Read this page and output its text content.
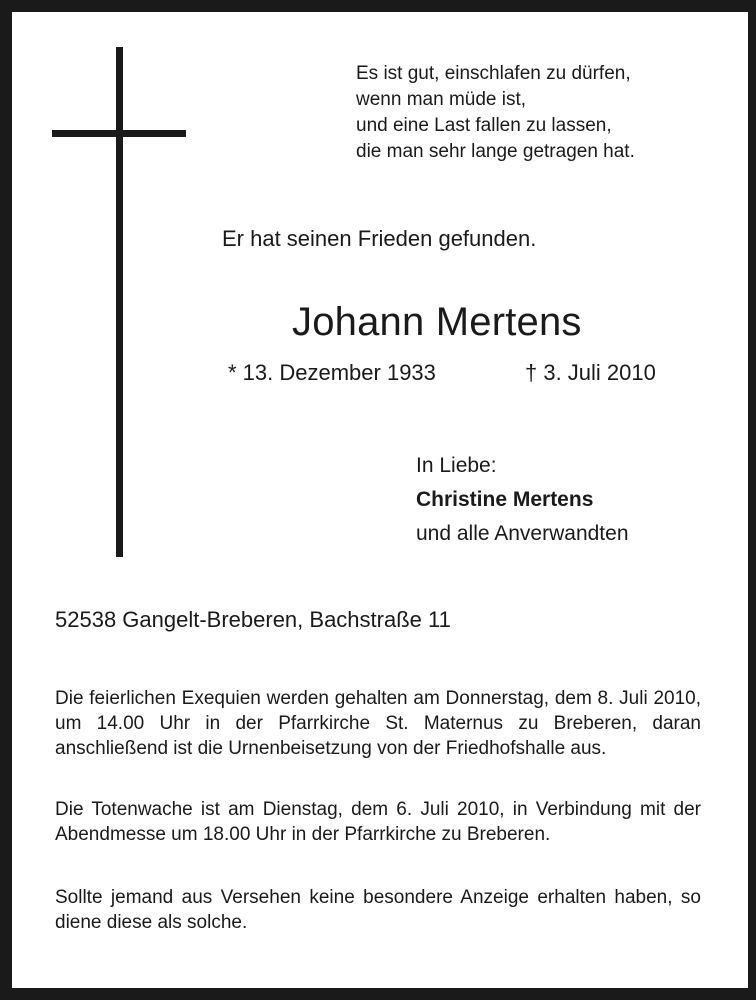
Es ist gut, einschlafen zu dürfen,
wenn man müde ist,
und eine Last fallen zu lassen,
die man sehr lange getragen hat.
Er hat seinen Frieden gefunden.
Johann Mertens
* 13. Dezember 1933	† 3. Juli 2010
In Liebe:
Christine Mertens
und alle Anverwandten
52538 Gangelt-Breberen, Bachstraße 11

Die feierlichen Exequien werden gehalten am Donnerstag, dem 8. Juli 2010, um 14.00 Uhr in der Pfarrkirche St. Maternus zu Breberen, daran anschließend ist die Urnenbeisetzung von der Friedhofshalle aus.

Die Totenwache ist am Dienstag, dem 6. Juli 2010, in Verbindung mit der Abendmesse um 18.00 Uhr in der Pfarrkirche zu Breberen.

Sollte jemand aus Versehen keine besondere Anzeige erhalten haben, so diene diese als solche.
